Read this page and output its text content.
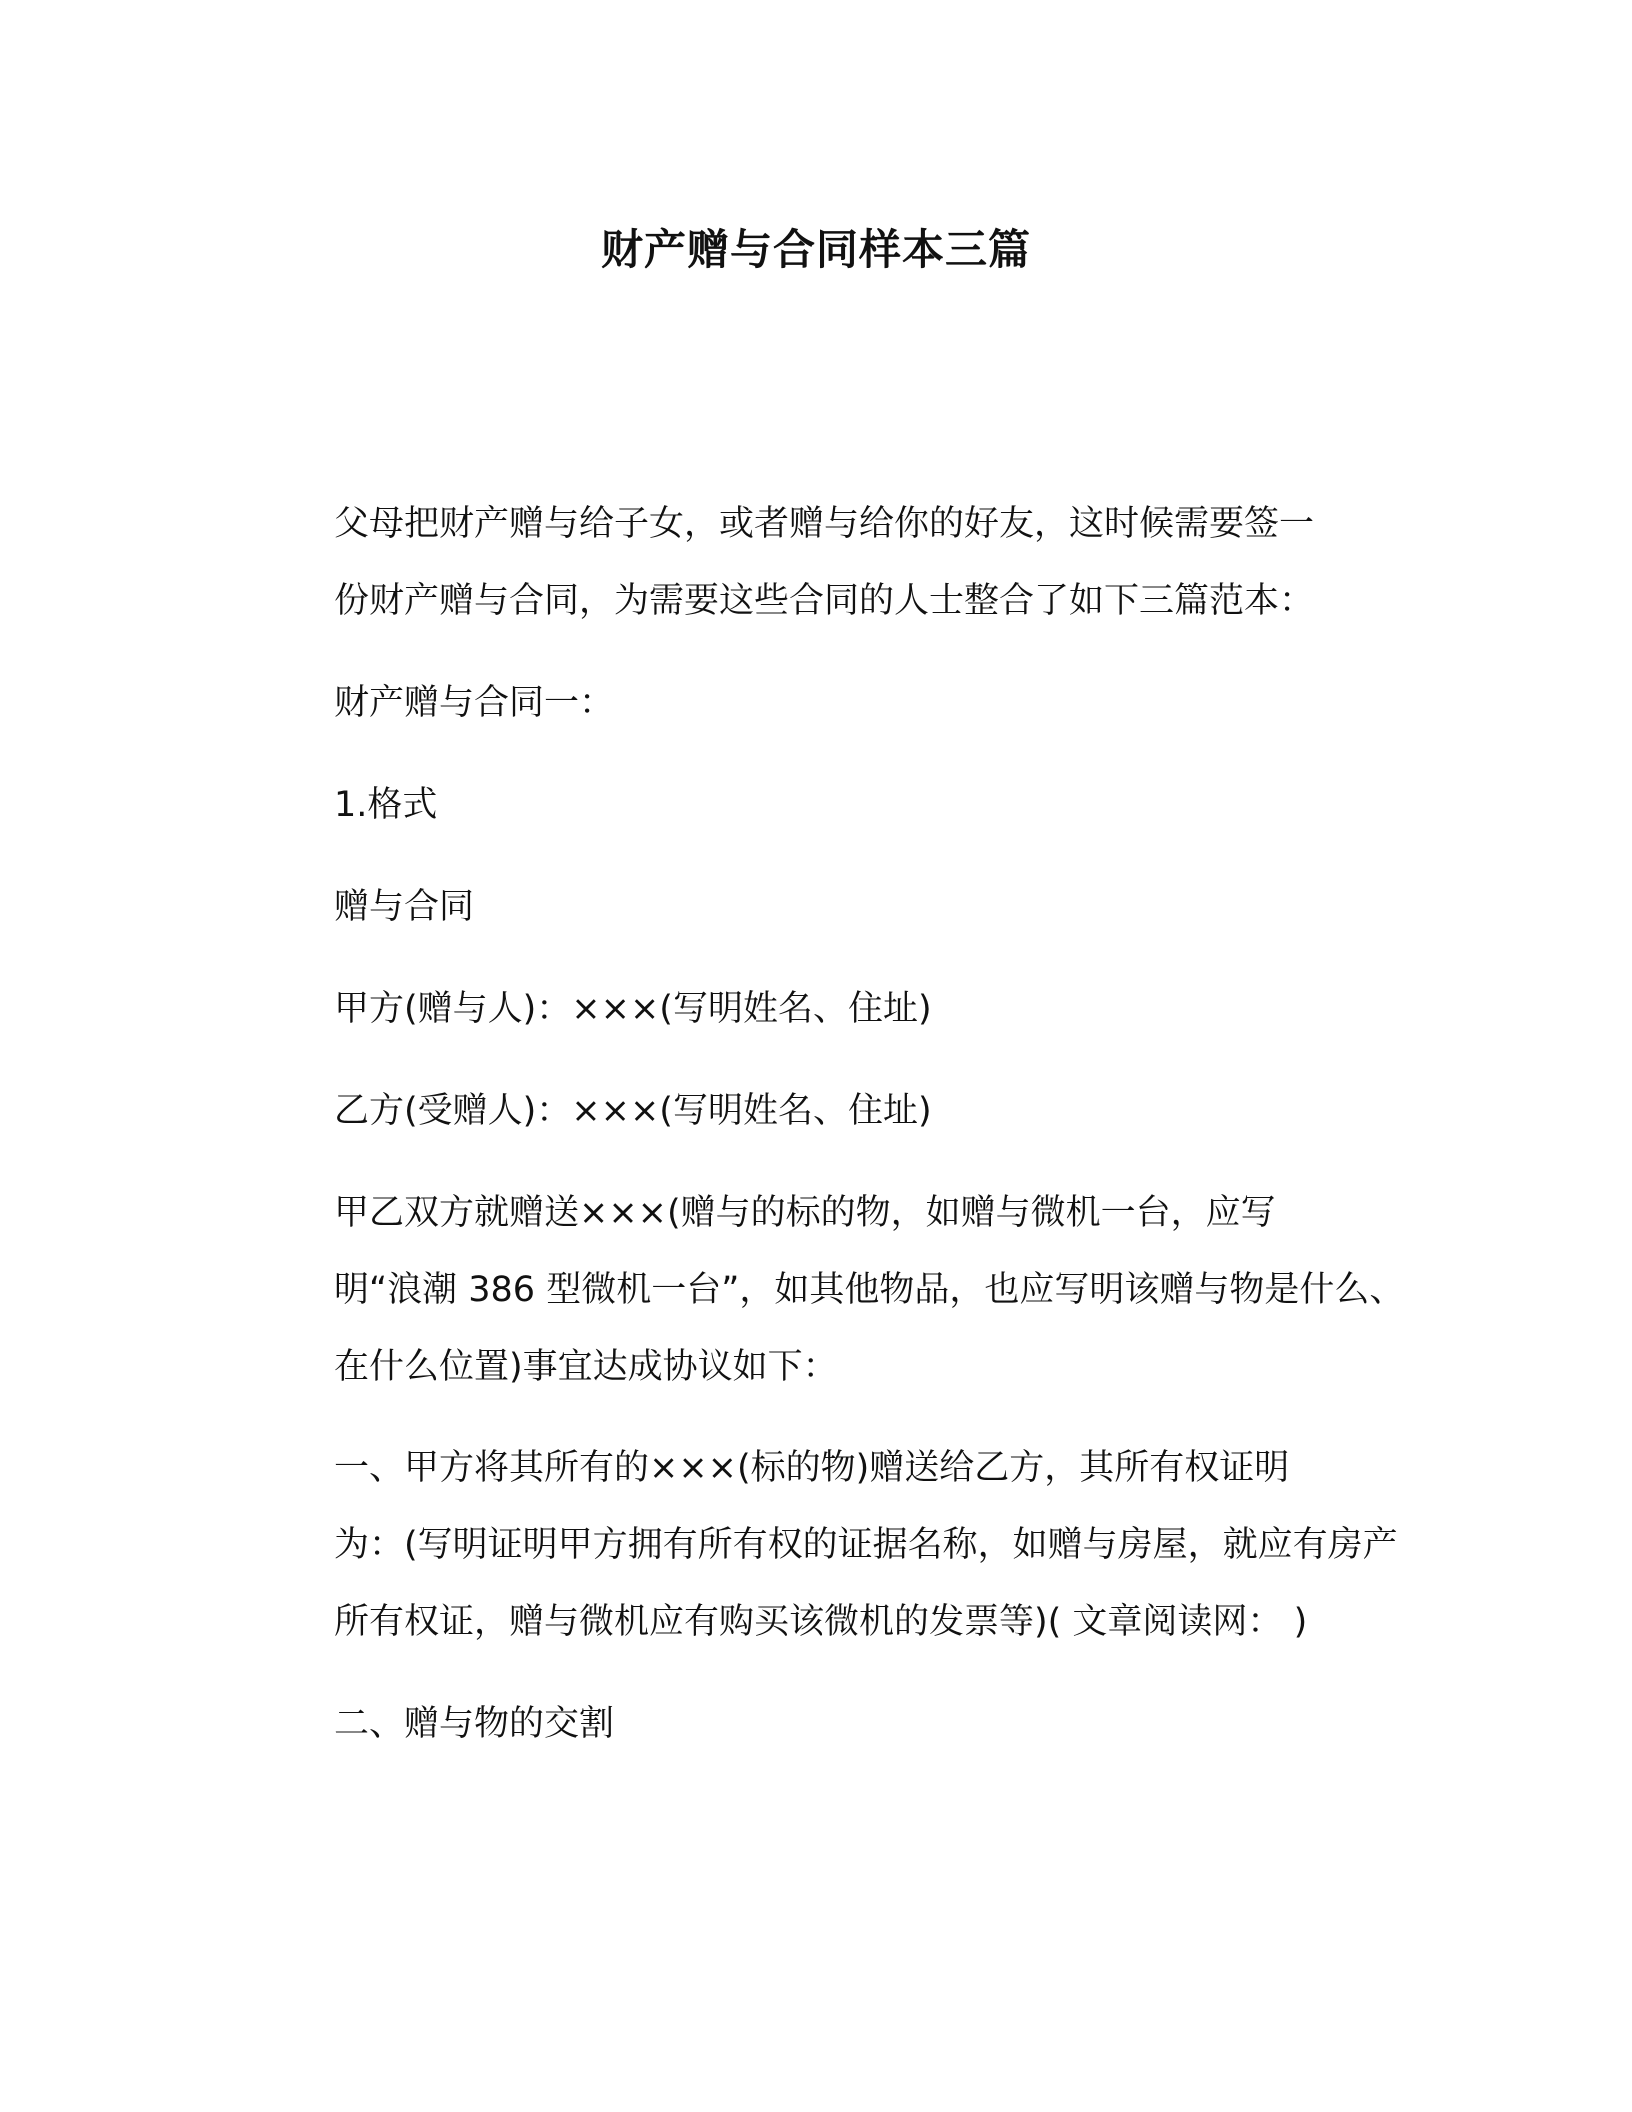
财产赠与合同样本三篇
父母把财产赠与给子女，或者赠与给你的好友，这时候需要签一
份财产赠与合同，为需要这些合同的人士整合了如下三篇范本：
财产赠与合同一：
1.格式
赠与合同
甲方(赠与人)：×××(写明姓名、住址)
乙方(受赠人)：×××(写明姓名、住址)
甲乙双方就赠送×××(赠与的标的物，如赠与微机一台，应写
明“浪潮 386 型微机一台”，如其他物品，也应写明该赠与物是什么、
在什么位置)事宜达成协议如下：
一、甲方将其所有的×××(标的物)赠送给乙方，其所有权证明
为：(写明证明甲方拥有所有权的证据名称，如赠与房屋，就应有房产
所有权证，赠与微机应有购买该微机的发票等)( 文章阅读网： )
二、赠与物的交割
